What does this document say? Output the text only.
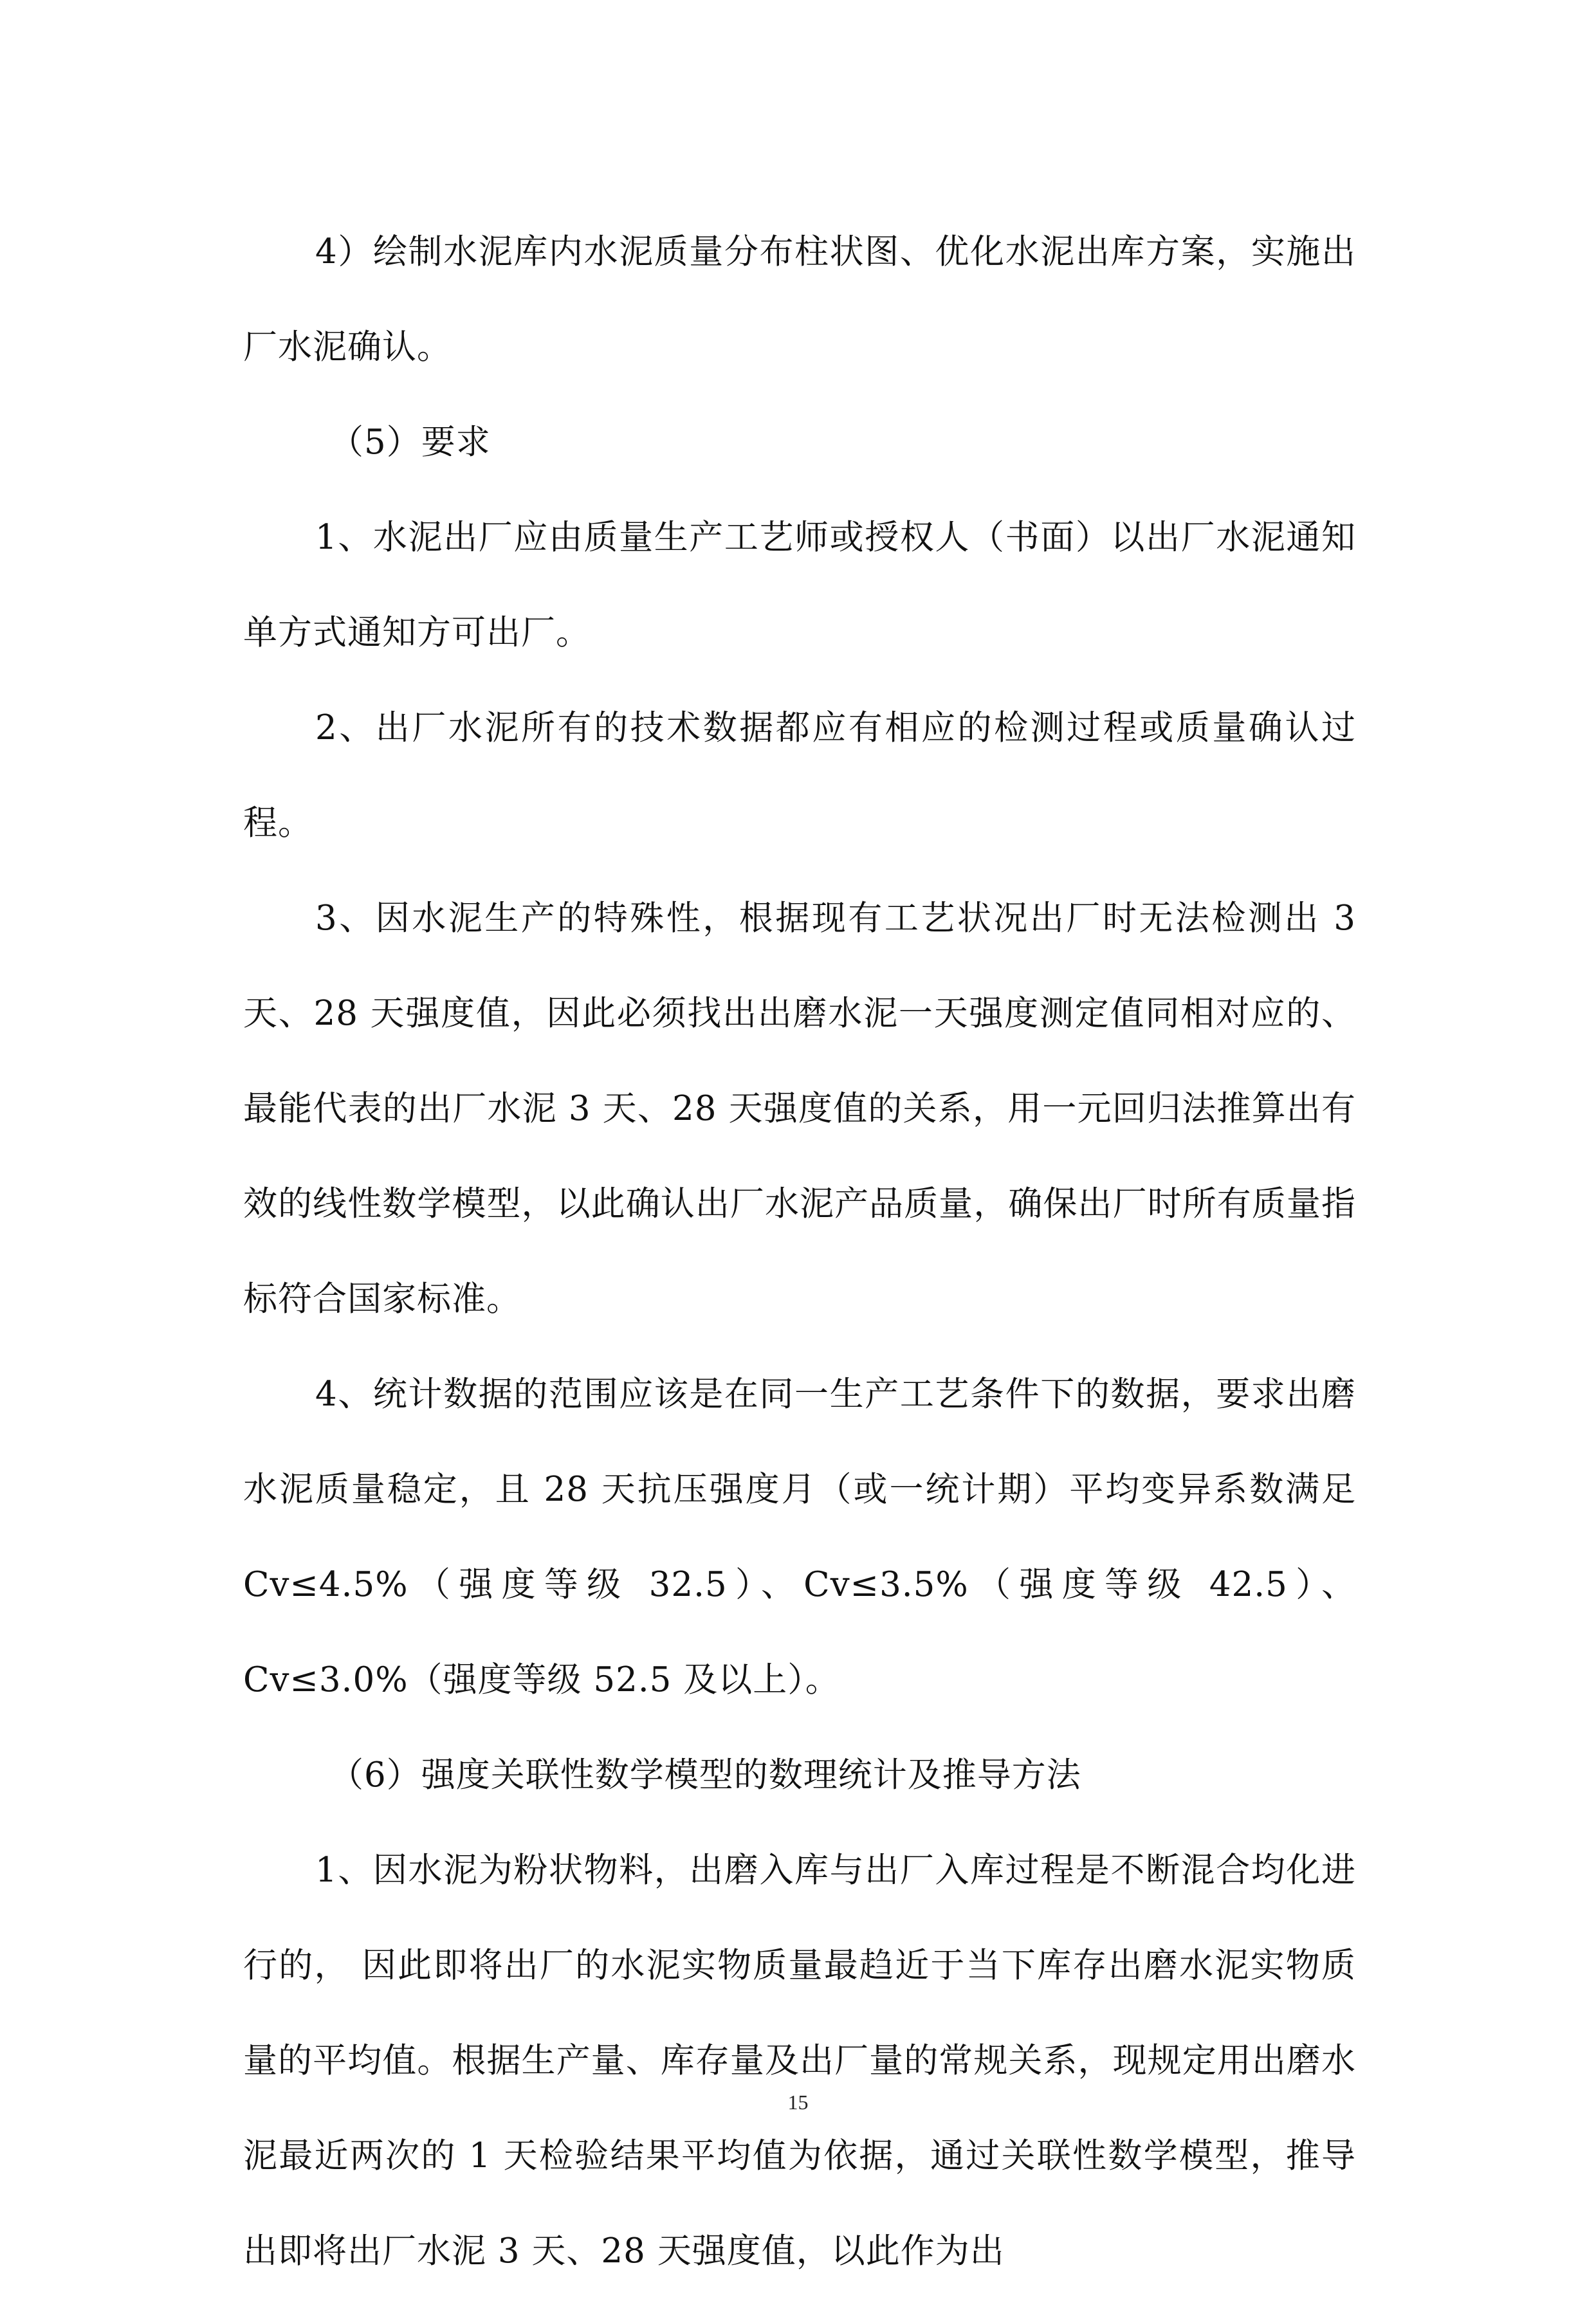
4）绘制水泥库内水泥质量分布柱状图、优化水泥出库方案，实施出厂水泥确认。

（5）要求

1、水泥出厂应由质量生产工艺师或授权人（书面）以出厂水泥通知单方式通知方可出厂。

2、出厂水泥所有的技术数据都应有相应的检测过程或质量确认过程。

3、因水泥生产的特殊性，根据现有工艺状况出厂时无法检测出 3 天、28 天强度值，因此必须找出出磨水泥一天强度测定值同相对应的、最能代表的出厂水泥 3 天、28 天强度值的关系，用一元回归法推算出有效的线性数学模型，以此确认出厂水泥产品质量，确保出厂时所有质量指标符合国家标准。

4、统计数据的范围应该是在同一生产工艺条件下的数据，要求出磨水泥质量稳定，且 28 天抗压强度月（或一统计期）平均变异系数满足 Cv≤4.5%（强度等级 32.5）、Cv≤3.5%（强度等级 42.5）、Cv≤3.0%（强度等级 52.5 及以上）。

（6）强度关联性数学模型的数理统计及推导方法

1、因水泥为粉状物料，出磨入库与出厂入库过程是不断混合均化进行的， 因此即将出厂的水泥实物质量最趋近于当下库存出磨水泥实物质量的平均值。根据生产量、库存量及出厂量的常规关系，现规定用出磨水泥最近两次的 1 天检验结果平均值为依据，通过关联性数学模型，推导出即将出厂水泥 3 天、28 天强度值，以此作为出

15
